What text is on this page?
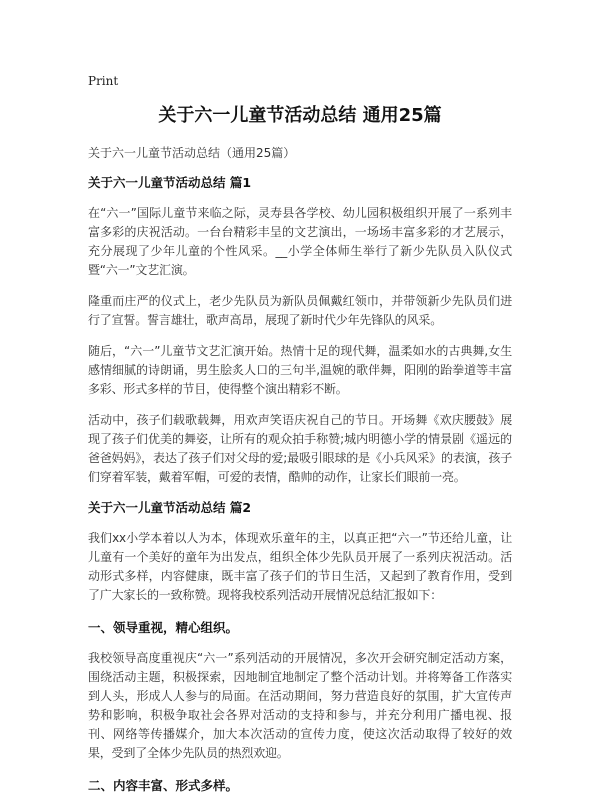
Print
关于六一儿童节活动总结 通用25篇

关于六一儿童节活动总结（通用25篇）

关于六一儿童节活动总结 篇1

在“六一”国际儿童节来临之际，灵寿县各学校、幼儿园积极组织开展了一系列丰富多彩的庆祝活动。一台台精彩丰呈的文艺演出，一场场丰富多彩的才艺展示，充分展现了少年儿童的个性风采。__小学全体师生举行了新少先队员入队仪式暨“六一”文艺汇演。

隆重而庄严的仪式上，老少先队员为新队员佩戴红领巾，并带领新少先队员们进行了宣誓。誓言雄壮，歌声高昂，展现了新时代少年先锋队的风采。

随后，“六一”儿童节文艺汇演开始。热情十足的现代舞，温柔如水的古典舞,女生感情细腻的诗朗诵，男生脍炙人口的三句半,温婉的歌伴舞，阳刚的跆拳道等丰富多彩、形式多样的节目，使得整个演出精彩不断。

活动中，孩子们载歌载舞，用欢声笑语庆祝自己的节日。开场舞《欢庆腰鼓》展现了孩子们优美的舞姿，让所有的观众拍手称赞;城内明德小学的情景剧《遥远的爸爸妈妈》，表达了孩子们对父母的爱;最吸引眼球的是《小兵风采》的表演，孩子们穿着军装，戴着军帽，可爱的表情，酷帅的动作，让家长们眼前一亮。

关于六一儿童节活动总结 篇2

我们xx小学本着以人为本，体现欢乐童年的主，以真正把“六一”节还给儿童，让儿童有一个美好的童年为出发点，组织全体少先队员开展了一系列庆祝活动。活动形式多样，内容健康，既丰富了孩子们的节日生活，又起到了教育作用，受到了广大家长的一致称赞。现将我校系列活动开展情况总结汇报如下：

一、领导重视，精心组织。

我校领导高度重视庆“六一”系列活动的开展情况，多次开会研究制定活动方案，围绕活动主题，积极探索，因地制宜地制定了整个活动计划。并将筹备工作落实到人头，形成人人参与的局面。在活动期间，努力营造良好的氛围，扩大宣传声势和影响，积极争取社会各界对活动的支持和参与，并充分利用广播电视、报刊、网络等传播媒介，加大本次活动的宣传力度，使这次活动取得了较好的效果，受到了全体少先队员的热烈欢迎。

二、内容丰富、形式多样。
